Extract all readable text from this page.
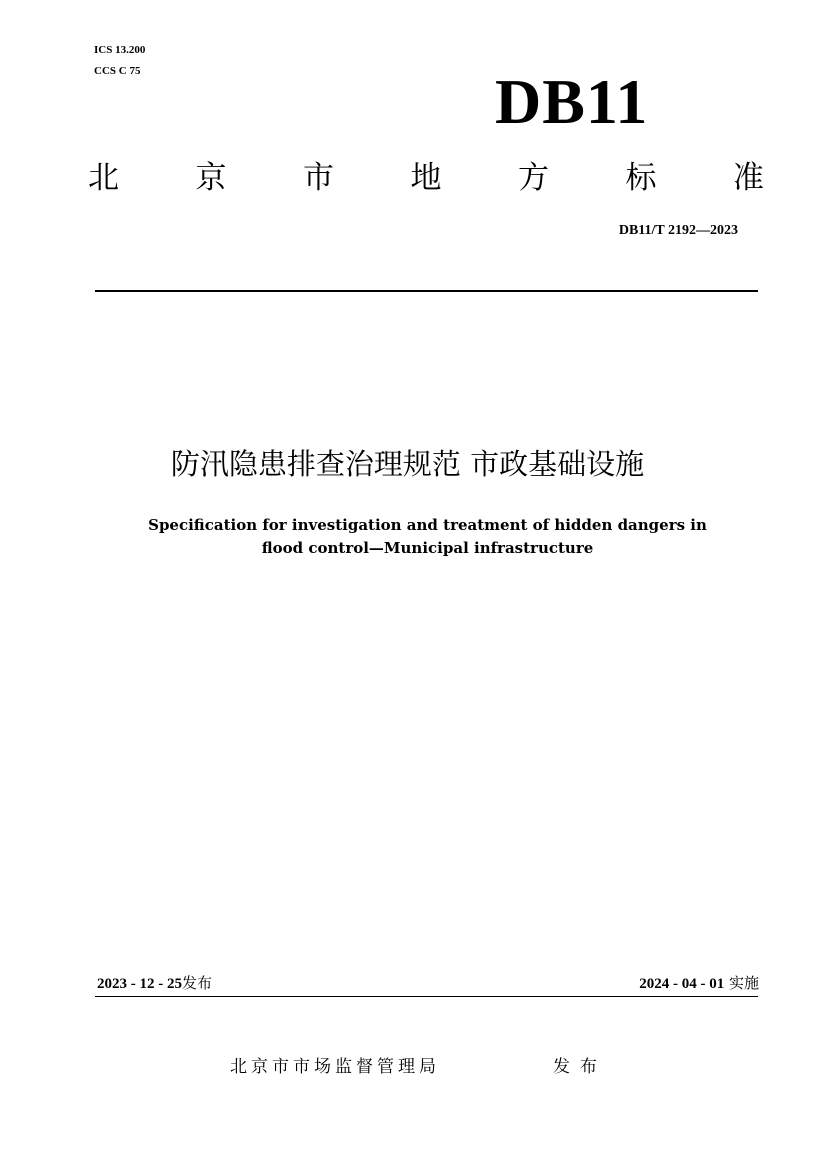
ICS 13.200
CCS C 75	DB11
北 京 市 地 方 标 准
DB11/T 2192—2023
防汛隐患排查治理规范 市政基础设施
Specification for investigation and treatment of hidden dangers in
flood control—Municipal infrastructure
2023 - 12 - 25发布	2024 - 04 - 01 实施
北京市市场监督管理局	发布
